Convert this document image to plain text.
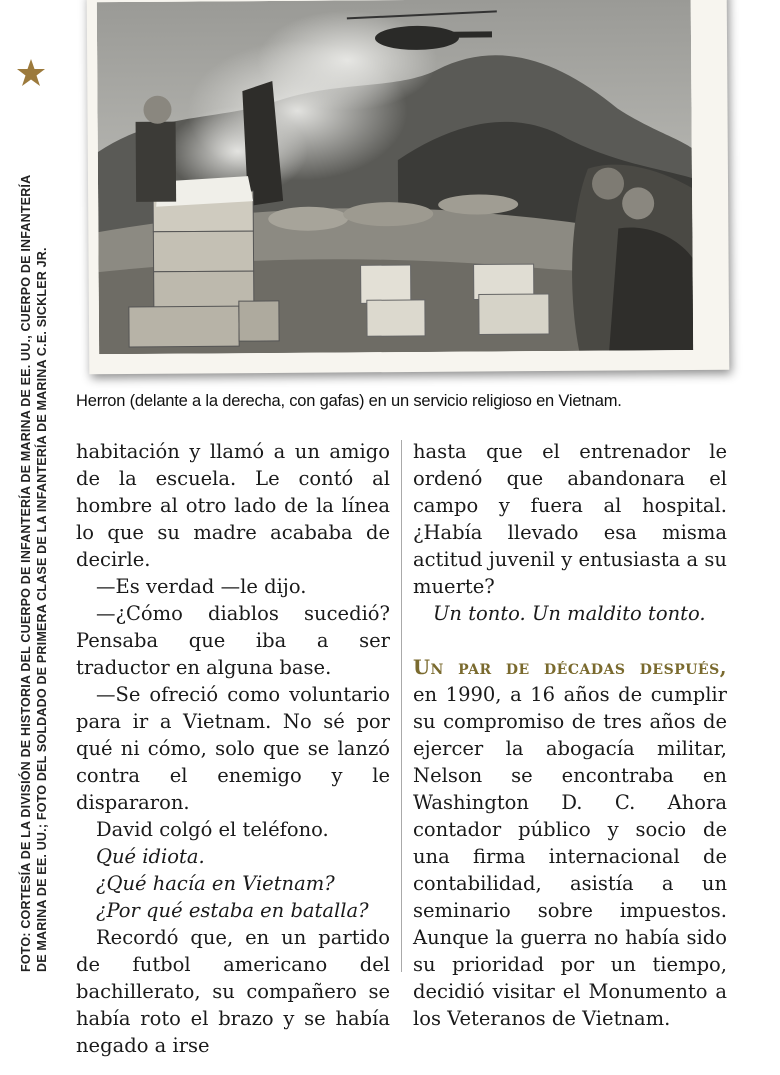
FOTO: CORTESÍA DE LA DIVISIÓN DE HISTORIA DEL CUERPO DE INFANTERÍA DE MARINA DE EE. UU., CUERPO DE INFANTERÍA DE MARINA DE EE. UU.; FOTO DEL SOLDADO DE PRIMERA CLASE DE LA INFANTERÍA DE MARINA C.E. SICKLER JR. Herron (delante a la derecha, con gafas) en un servicio religioso en Vietnam.

habitación y llamó a un amigo de la escuela. Le contó al hombre al otro lado de la línea lo que su madre acababa de decirle.

—Es verdad —le dijo.

—¿Cómo diablos sucedió? Pensaba que iba a ser traductor en alguna base.

—Se ofreció como voluntario para ir a Vietnam. No sé por qué ni cómo, solo que se lanzó contra el enemigo y le dispararon.

David colgó el teléfono.

Qué idiota.

¿Qué hacía en Vietnam?

¿Por qué estaba en batalla?

Recordó que, en un partido de futbol americano del bachillerato, su compañero se había roto el brazo y se había negado a irse

hasta que el entrenador le ordenó que abandonara el campo y fuera al hospital. ¿Había llevado esa misma actitud juvenil y entusiasta a su muerte?

Un tonto. Un maldito tonto.

Un par de décadas después, en 1990, a 16 años de cumplir su compromiso de tres años de ejercer la abogacía militar, Nelson se encontraba en Washington D. C. Ahora contador público y socio de una firma internacional de contabilidad, asistía a un seminario sobre impuestos. Aunque la guerra no había sido su prioridad por un tiempo, decidió visitar el Monumento a los Veteranos de Vietnam.
